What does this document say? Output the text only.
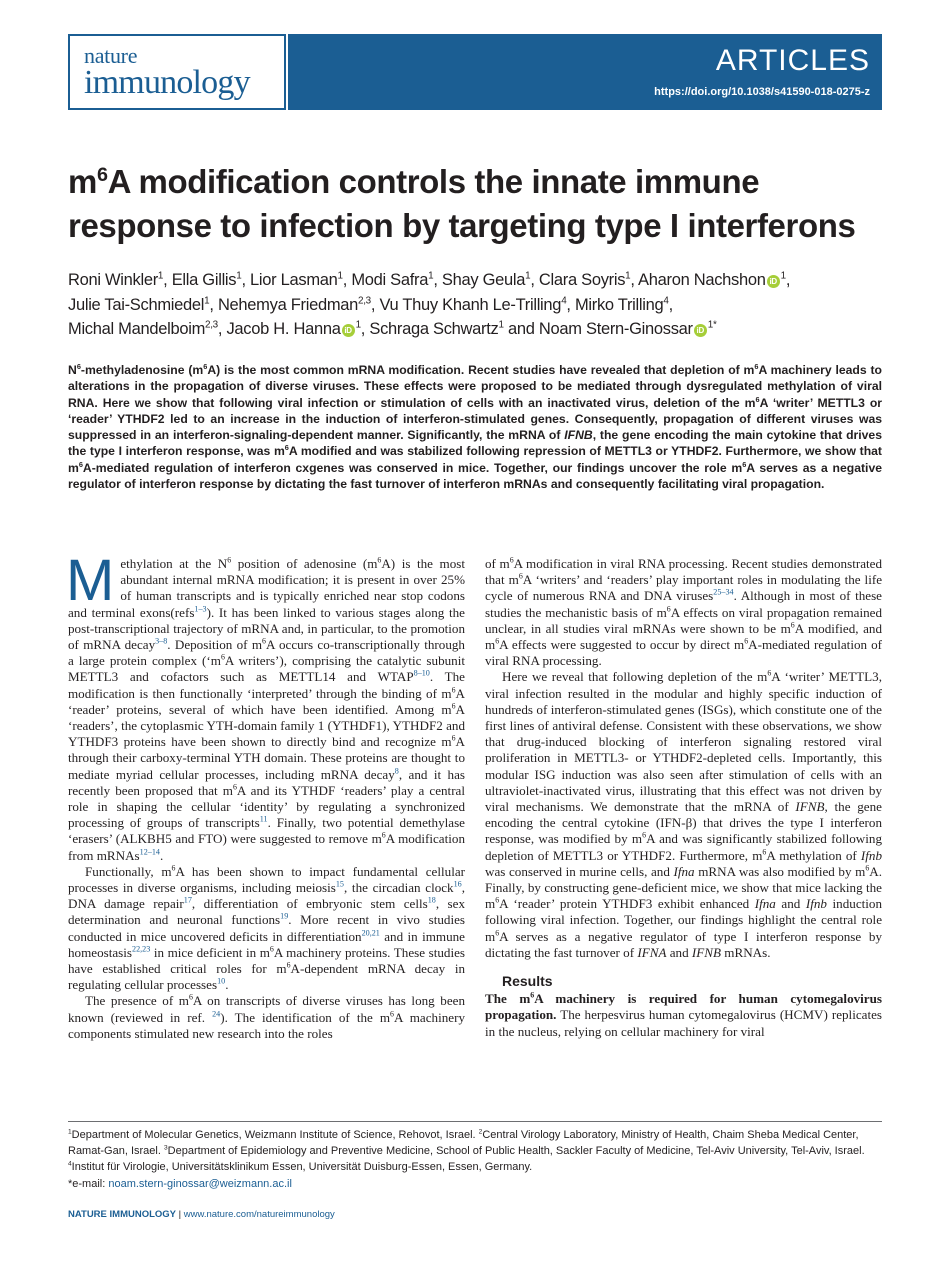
nature
immunology
ARTICLES
https://doi.org/10.1038/s41590-018-0275-z
$m^6A$ modification controls the innate immune
response to infection by targeting type I interferons
Roni Winkler$^1$, Ella Gillis$^1$, Lior Lasman$^1$, Modi Safra$^1$, Shay Geula$^1$, Clara Soyris$^1$, Aharon Nachshon iD $^1$,
Julie Tai-Schmiedel$^1$, Nehemya Friedman$^{2,3}$, Vu Thuy Khanh Le-Trilling$^4$, Mirko Trilling$^4$,
Michal Mandelboim$^{2,3}$, Jacob H. Hanna iD $^1$, Schraga Schwartz$^1$ and Noam Stern-Ginossar iD $^{1*}$

$N^6$-methyladenosine $(m^6A)$ is the most common mRNA modification. Recent studies have revealed that depletion of $m^6A$ machinery leads to alterations in the propagation of diverse viruses. These effects were proposed to be mediated through dysregulated methylation of viral RNA. Here we show that following viral infection or stimulation of cells with an inactivated virus, deletion of the $m^6A$ ‘writer’ METTL3 or ‘reader’ YTHDF2 led to an increase in the induction of interferon-stimulated genes. Consequently, propagation of different viruses was suppressed in an interferon-signaling-dependent manner. Significantly, the mRNA of IFNB, the gene encoding the main cytokine that drives the type I interferon response, was $m^6A$ modified and was stabilized following repression of METTL3 or YTHDF2. Furthermore, we show that $m^6A$-mediated regulation of interferon cxgenes was conserved in mice. Together, our findings uncover the role $m^6A$ serves as a negative regulator of interferon response by dictating the fast turnover of interferon mRNAs and consequently facilitating viral propagation.

Methylation at the $N^6$ position of adenosine $(m^6A)$ is the most abundant internal mRNA modification; it is present in over 25% of human transcripts and is typically enriched near stop codons and terminal exons(refs$^{1-3}$). It has been linked to various stages along the post-transcriptional trajectory of mRNA and, in particular, to the promotion of mRNA decay$^{3-8}$. Deposition of $m^6A$ occurs co-transcriptionally through a large protein complex (‘$m^6A$ writers’), comprising the catalytic subunit METTL3 and cofactors such as METTL14 and WTAP$^{8-10}$. The modification is then functionally ‘interpreted’ through the binding of $m^6A$ ‘reader’ proteins, several of which have been identified. Among $m^6A$ ‘readers’, the cytoplasmic YTH-domain family 1 (YTHDF1), YTHDF2 and YTHDF3 proteins have been shown to directly bind and recognize $m^6A$ through their carboxy-terminal YTH domain. These proteins are thought to mediate myriad cellular processes, including mRNA decay$^8$, and it has recently been proposed that $m^6A$ and its YTHDF ‘readers’ play a central role in shaping the cellular ‘identity’ by regulating a synchronized processing of groups of transcripts$^{11}$. Finally, two potential demethylase ‘erasers’ (ALKBH5 and FTO) were suggested to remove $m^6A$ modification from mRNAs$^{12-14}$.

Functionally, $m^6A$ has been shown to impact fundamental cellular processes in diverse organisms, including meiosis$^{15}$, the circadian clock$^{16}$, DNA damage repair$^{17}$, differentiation of embryonic stem cells$^{18}$, sex determination and neuronal functions$^{19}$. More recent in vivo studies conducted in mice uncovered deficits in differentiation$^{20,21}$ and in immune homeostasis$^{22,23}$ in mice deficient in $m^6A$ machinery proteins. These studies have established critical roles for $m^6A$-dependent mRNA decay in regulating cellular processes$^{10}$.

The presence of $m^6A$ on transcripts of diverse viruses has long been known (reviewed in ref. $^{24}$). The identification of the $m^6A$ machinery components stimulated new research into the roles

of $m^6A$ modification in viral RNA processing. Recent studies demonstrated that $m^6A$ ‘writers’ and ‘readers’ play important roles in modulating the life cycle of numerous RNA and DNA viruses$^{25-34}$. Although in most of these studies the mechanistic basis of $m^6A$ effects on viral propagation remained unclear, in all studies viral mRNAs were shown to be $m^6A$ modified, and $m^6A$ effects were suggested to occur by direct $m^6A$-mediated regulation of viral RNA processing.

Here we reveal that following depletion of the $m^6A$ ‘writer’ METTL3, viral infection resulted in the modular and highly specific induction of hundreds of interferon-stimulated genes (ISGs), which constitute one of the first lines of antiviral defense. Consistent with these observations, we show that drug-induced blocking of interferon signaling restored viral proliferation in METTL3- or YTHDF2-depleted cells. Importantly, this modular ISG induction was also seen after stimulation of cells with an ultraviolet-inactivated virus, illustrating that this effect was not driven by viral mechanisms. We demonstrate that the mRNA of IFNB, the gene encoding the central cytokine (IFN-β) that drives the type I interferon response, was modified by $m^6A$ and was significantly stabilized following depletion of METTL3 or YTHDF2. Furthermore, $m^6A$ methylation of Ifnb was conserved in murine cells, and Ifna mRNA was also modified by $m^6A$. Finally, by constructing gene-deficient mice, we show that mice lacking the $m^6A$ ‘reader’ protein YTHDF3 exhibit enhanced Ifna and Ifnb induction following viral infection. Together, our findings highlight the central role $m^6A$ serves as a negative regulator of type I interferon response by dictating the fast turnover of IFNA and IFNB mRNAs.

Results

The $m^6A$ machinery is required for human cytomegalovirus propagation. The herpesvirus human cytomegalovirus (HCMV) replicates in the nucleus, relying on cellular machinery for viral

$^1$Department of Molecular Genetics, Weizmann Institute of Science, Rehovot, Israel. $^2$Central Virology Laboratory, Ministry of Health, Chaim Sheba Medical Center, Ramat-Gan, Israel. $^3$Department of Epidemiology and Preventive Medicine, School of Public Health, Sackler Faculty of Medicine, Tel-Aviv University, Tel-Aviv, Israel. $^4$Institut für Virologie, Universitätsklinikum Essen, Universität Duisburg-Essen, Essen, Germany.
*e-mail: noam.stern-ginossar@weizmann.ac.il
NATURE IMMUNOLOGY | www.nature.com/natureimmunology
